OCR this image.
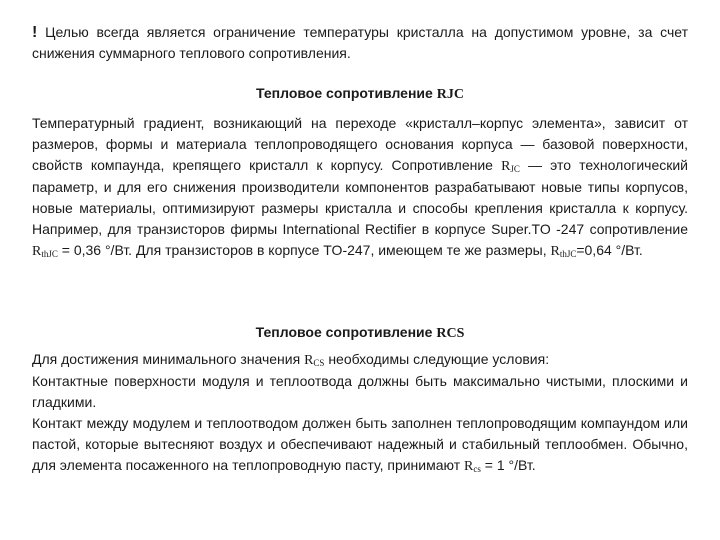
! Целью всегда является ограничение температуры кристалла на допустимом уровне, за счет снижения суммарного теплового сопротивления.

Тепловое сопротивление RJC

Температурный градиент, возникающий на переходе «кристалл–корпус элемента», зависит от размеров, формы и материала теплопроводящего основания корпуса — базовой поверхности, свойств компаунда, крепящего кристалл к корпусу. Сопротивление $R_{JC}$ — это технологический параметр, и для его снижения производители компонентов разрабатывают новые типы корпусов, новые материалы, оптимизируют размеры кристалла и способы крепления кристалла к корпусу. Например, для транзисторов фирмы International Rectifier в корпусе Super.TO -247 сопротивление $R_{thJC} = 0,36$ °/Вт. Для транзисторов в корпусе TO-247, имеющем те же размеры, $R_{thJC}=0,64$ °/Вт.

Тепловое сопротивление RCS

Для достижения минимального значения $R_{CS}$ необходимы следующие условия:

Контактные поверхности модуля и теплоотвода должны быть максимально чистыми, плоскими и гладкими.
Контакт между модулем и теплоотводом должен быть заполнен теплопроводящим компаундом или пастой, которые вытесняют воздух и обеспечивают надежный и стабильный теплообмен. Обычно, для элемента посаженного на теплопроводную пасту, принимают $R_{cs} = 1$ °/Вт.
